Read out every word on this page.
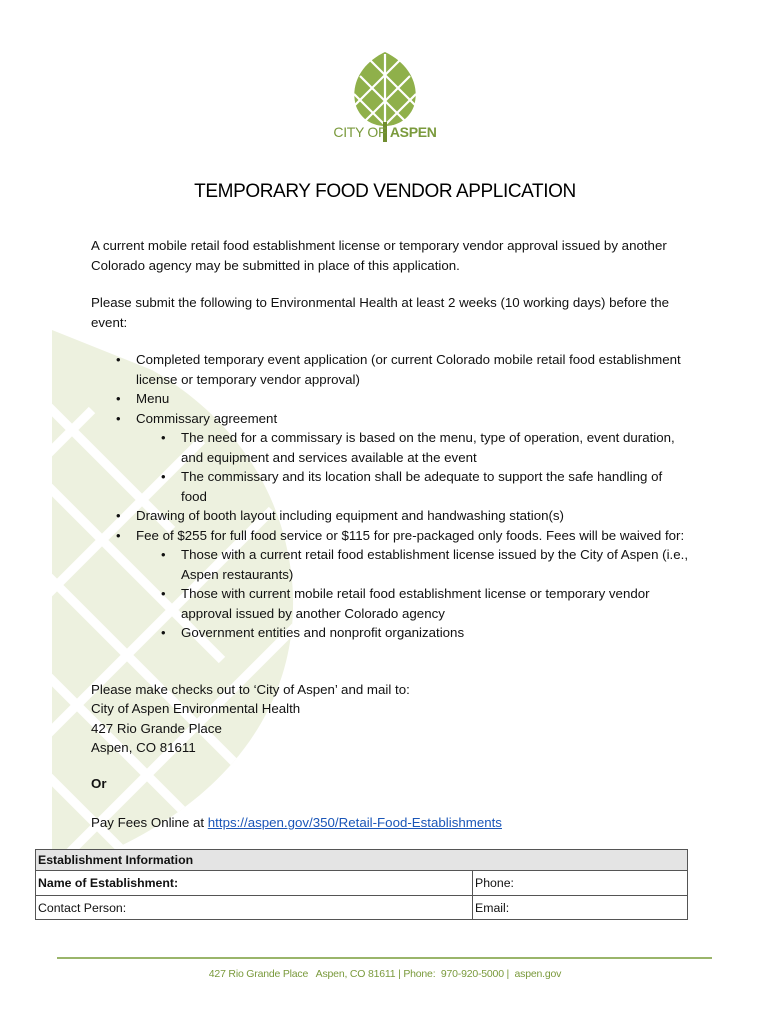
CITY OF ASPEN
TEMPORARY FOOD VENDOR APPLICATION
A current mobile retail food establishment license or temporary vendor approval issued by another Colorado agency may be submitted in place of this application.
Please submit the following to Environmental Health at least 2 weeks (10 working days) before the event:
• Completed temporary event application (or current Colorado mobile retail food establishment license or temporary vendor approval)
• Menu
• Commissary agreement
• The need for a commissary is based on the menu, type of operation, event duration, and equipment and services available at the event
• The commissary and its location shall be adequate to support the safe handling of food
• Drawing of booth layout including equipment and handwashing station(s)
• Fee of $255 for full food service or $115 for pre-packaged only foods. Fees will be waived for:
• Those with a current retail food establishment license issued by the City of Aspen (i.e., Aspen restaurants)
• Those with current mobile retail food establishment license or temporary vendor approval issued by another Colorado agency
• Government entities and nonprofit organizations
Please make checks out to ‘City of Aspen’ and mail to:
City of Aspen Environmental Health
427 Rio Grande Place
Aspen, CO 81611
Or
Pay Fees Online at https://aspen.gov/350/Retail-Food-Establishments
Establishment Information	
Name of Establishment:	Phone:
Contact Person:	Email:
427 Rio Grande Place   Aspen, CO 81611 | Phone:  970-920-5000 |  aspen.gov
